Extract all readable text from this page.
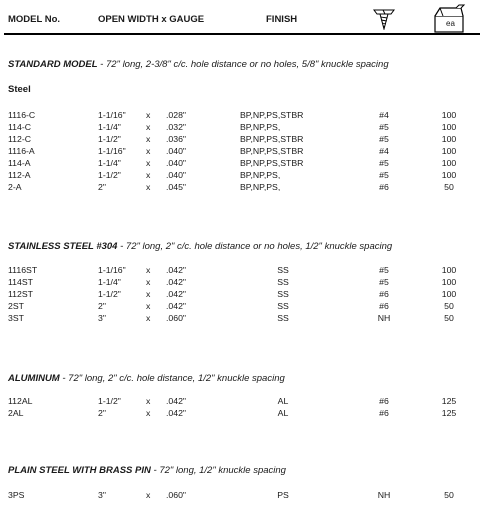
MODEL No.	OPEN WIDTH x GAUGE	FINISH	ea
STANDARD MODEL - 72" long, 2-3/8" c/c. hole distance or no holes, 5/8" knuckle spacing
Steel
1116-C	1-1/16" x .028"	BP,NP,PS,STBR	#4	100
114-C	1-1/4"	x .032"	BP,NP,PS,	#5	100
112-C	1-1/2"	x .036"	BP,NP,PS,STBR	#5	100
1116-A	1-1/16" x .040"	BP,NP,PS,STBR	#4	100
114-A	1-1/4"	x .040"	BP,NP,PS,STBR	#5	100
112-A	1-1/2"	x .040"	BP,NP,PS,	#5	100
2-A	2"	x .045"	BP,NP,PS,	#6	50
STAINLESS STEEL #304 - 72" long, 2" c/c. hole distance or no holes, 1/2" knuckle spacing
1116ST	1-1/16" x .042"	SS	#5	100
114ST	1-1/4"	x .042"	SS	#5	100
112ST	1-1/2"	x .042"	SS	#6	100
2ST	2"	x .042"	SS	#6	50
3ST	3"	x .060"	SS	NH	50
ALUMINUM - 72" long, 2" c/c. hole distance, 1/2" knuckle spacing
112AL	1-1/2"	x .042"	AL	#6	125
2AL	2"	x .042"	AL	#6	125
PLAIN STEEL WITH BRASS PIN - 72" long, 1/2" knuckle spacing
3PS	3"	x .060"	PS	NH	50
